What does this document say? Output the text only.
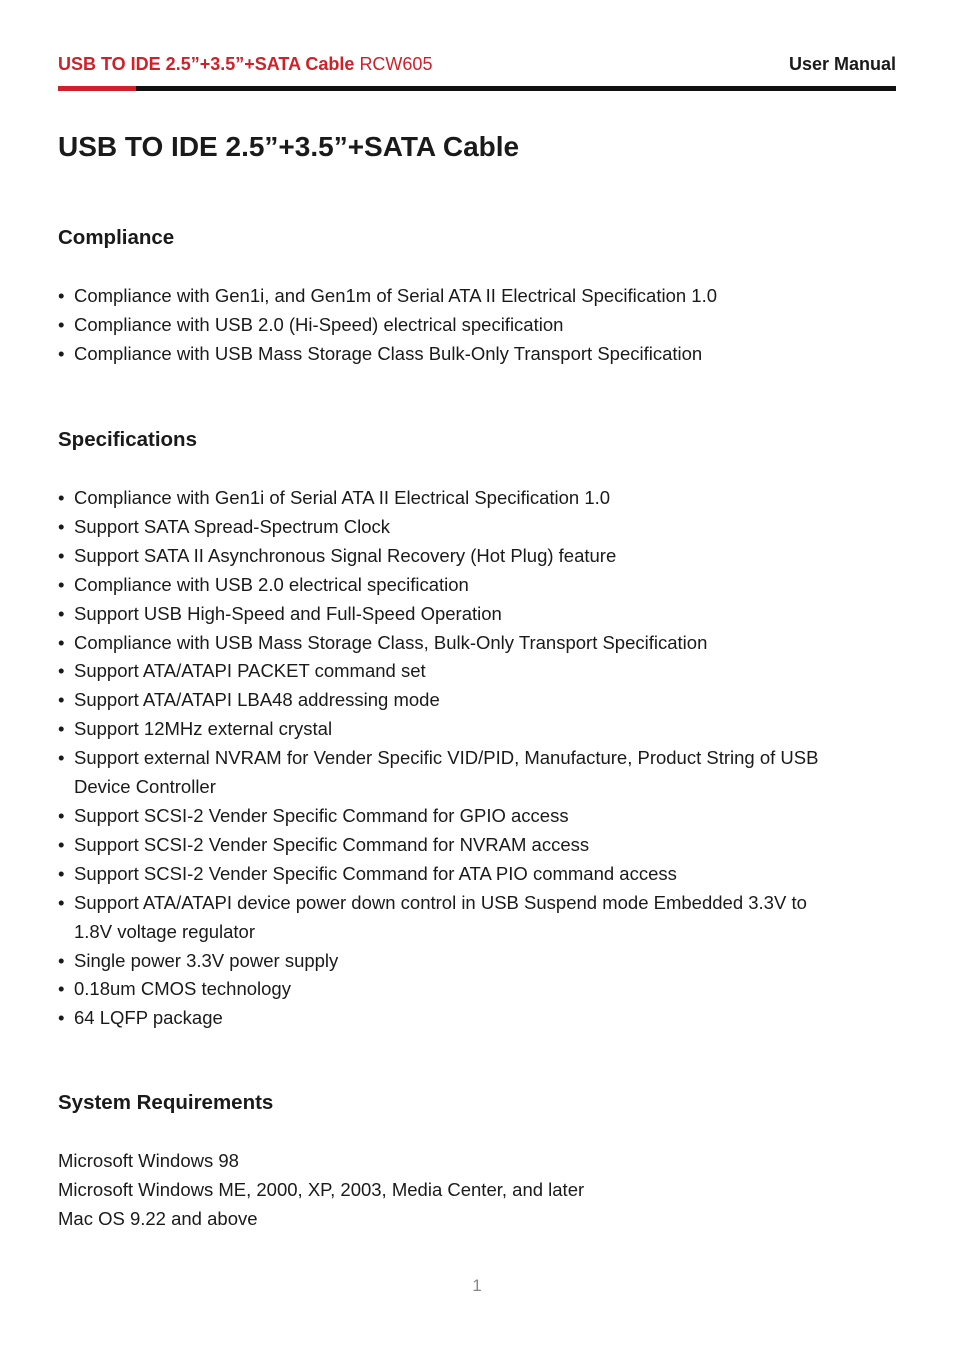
USB TO IDE 2.5”+3.5”+SATA Cable RCW605	User Manual
USB TO IDE 2.5”+3.5”+SATA Cable
Compliance
• Compliance with Gen1i, and Gen1m of Serial ATA II Electrical Specification 1.0
• Compliance with USB 2.0 (Hi-Speed) electrical specification
• Compliance with USB Mass Storage Class Bulk-Only Transport Specification
Specifications
• Compliance with Gen1i of Serial ATA II Electrical Specification 1.0
• Support SATA Spread-Spectrum Clock
• Support SATA II Asynchronous Signal Recovery (Hot Plug) feature
• Compliance with USB 2.0 electrical specification
• Support USB High-Speed and Full-Speed Operation
• Compliance with USB Mass Storage Class, Bulk-Only Transport Specification
• Support ATA/ATAPI PACKET command set
• Support ATA/ATAPI LBA48 addressing mode
• Support 12MHz external crystal
• Support external NVRAM for Vender Specific VID/PID, Manufacture, Product String of USB Device Controller
• Support SCSI-2 Vender Specific Command for GPIO access
• Support SCSI-2 Vender Specific Command for NVRAM access
• Support SCSI-2 Vender Specific Command for ATA PIO command access
• Support ATA/ATAPI device power down control in USB Suspend mode Embedded 3.3V to 1.8V voltage regulator
• Single power 3.3V power supply
• 0.18um CMOS technology
• 64 LQFP package
System Requirements
Microsoft Windows 98
Microsoft Windows ME, 2000, XP, 2003, Media Center, and later
Mac OS 9.22 and above
1
